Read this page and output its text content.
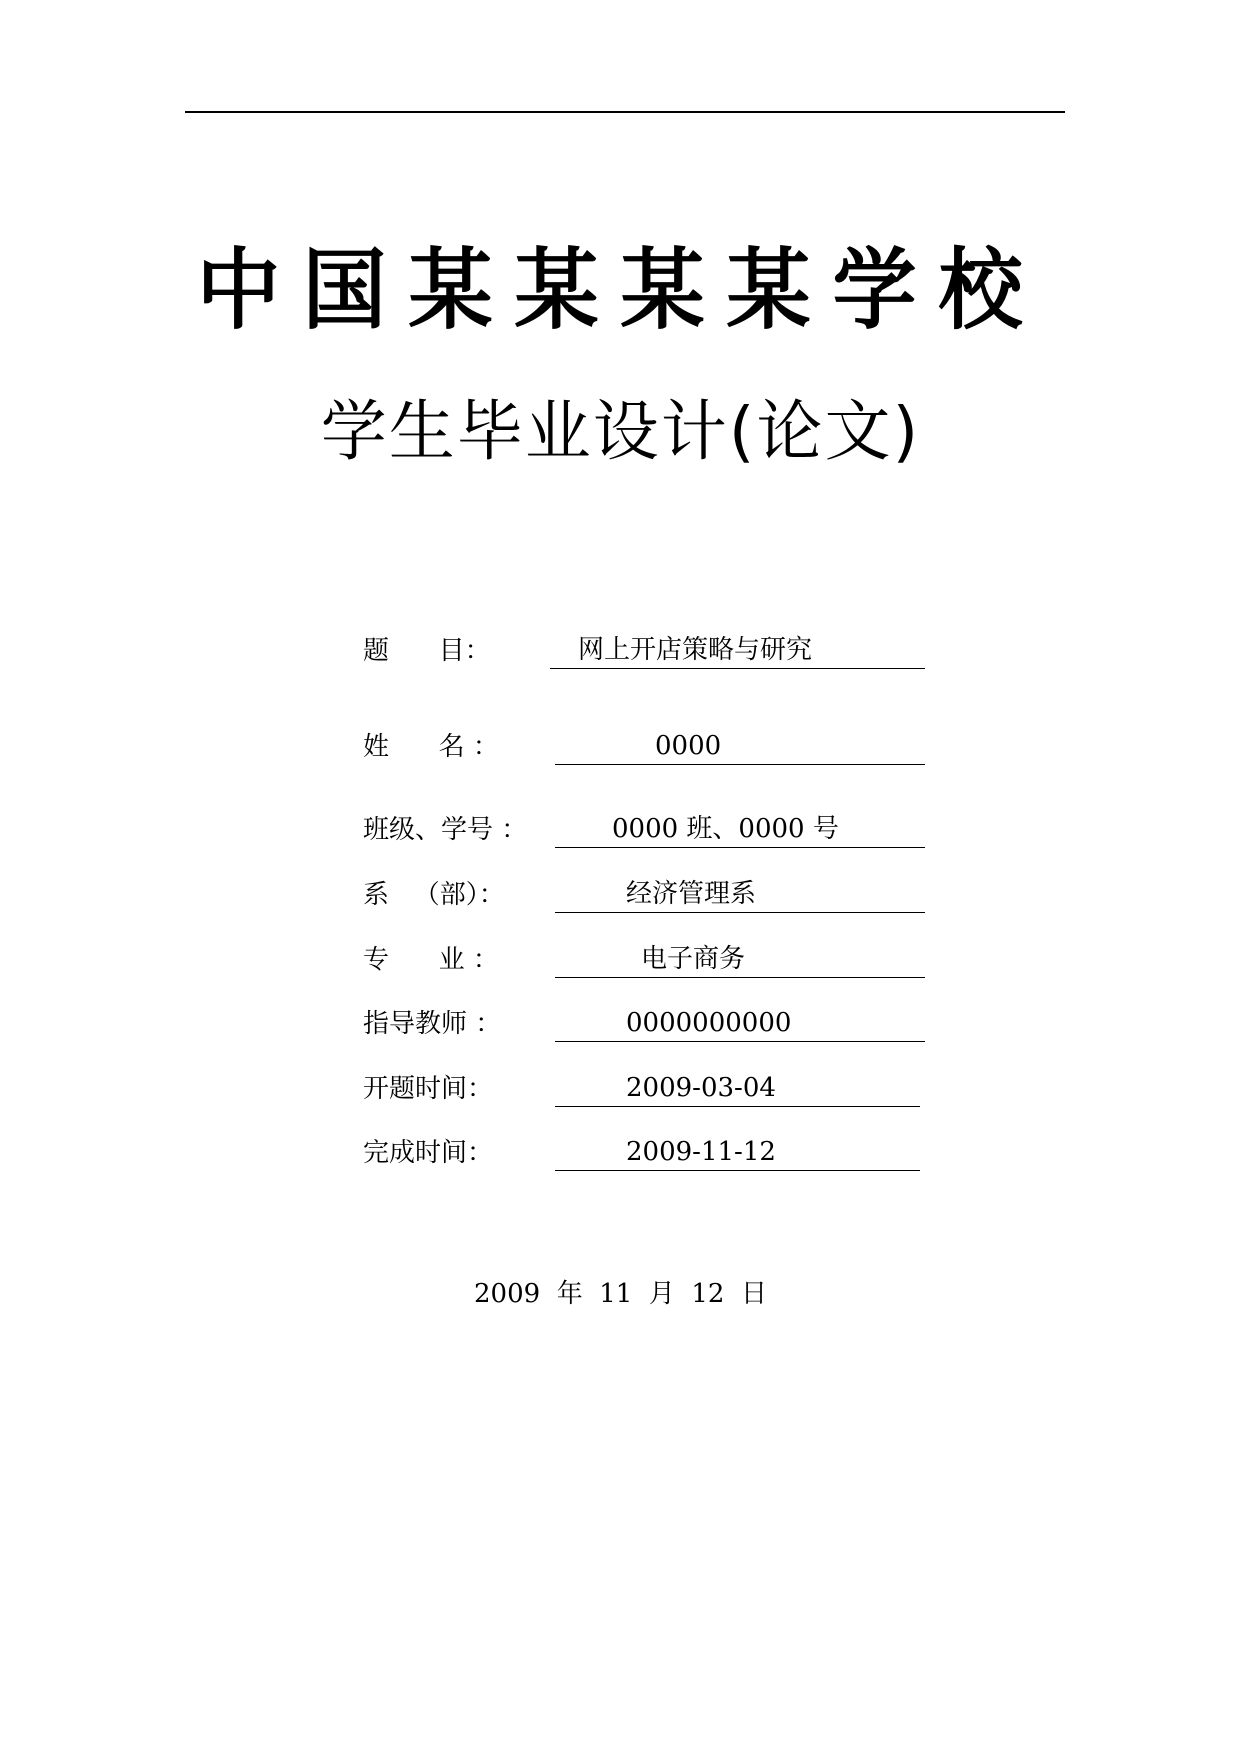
中国某某某某学校
学生毕业设计(论文)
题      目：	网上开店策略与研究
姓      名 ：	0000
班级、学号 ：	0000 班、0000 号
系   （部）：	经济管理系
专      业 ：	电子商务
指导教师 ：	0000000000
开题时间：	2009-03-04
完成时间：	2009-11-12
2009  年  11  月  12  日
